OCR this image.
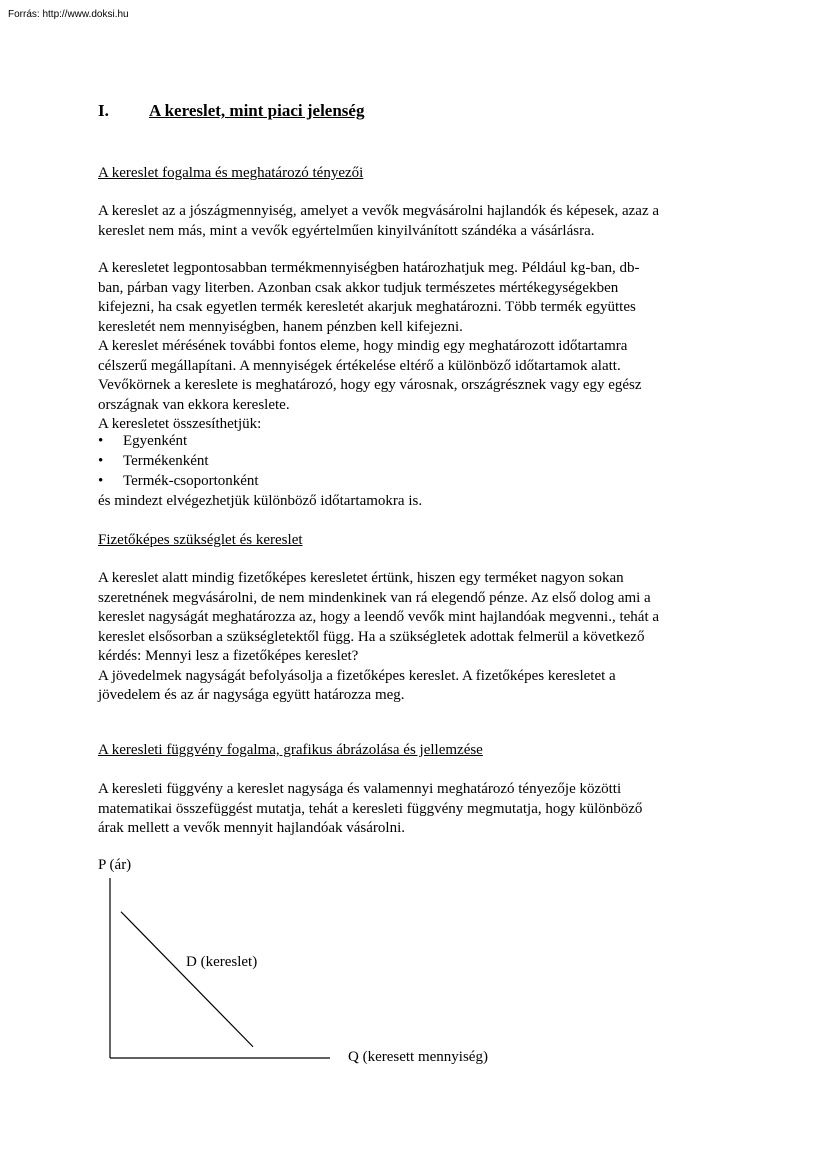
Forrás: http://www.doksi.hu
I. A kereslet, mint piaci jelenség
A kereslet fogalma és meghatározó tényezői
A kereslet az a jószágmennyiség, amelyet a vevők megvásárolni hajlandók és képesek, azaz a
kereslet nem más, mint a vevők egyértelműen kinyilvánított szándéka a vásárlásra.
A keresletet legpontosabban termékmennyiségben határozhatjuk meg. Például kg-ban, db-
ban, párban vagy literben. Azonban csak akkor tudjuk természetes mértékegységekben
kifejezni, ha csak egyetlen termék keresletét akarjuk meghatározni. Több termék együttes
keresletét nem mennyiségben, hanem pénzben kell kifejezni.
A kereslet mérésének további fontos eleme, hogy mindig egy meghatározott időtartamra
célszerű megállapítani. A mennyiségek értékelése eltérő a különböző időtartamok alatt.
Vevőkörnek a kereslete is meghatározó, hogy egy városnak, országrésznek vagy egy egész
országnak van ekkora kereslete.
A keresletet összesíthetjük:
• Egyenként
• Termékenként
• Termék-csoportonként
és mindezt elvégezhetjük különböző időtartamokra is.
Fizetőképes szükséglet és kereslet
A kereslet alatt mindig fizetőképes keresletet értünk, hiszen egy terméket nagyon sokan
szeretnének megvásárolni, de nem mindenkinek van rá elegendő pénze. Az első dolog ami a
kereslet nagyságát meghatározza az, hogy a leendő vevők mint hajlandóak megvenni., tehát a
kereslet elsősorban a szükségletektől függ. Ha a szükségletek adottak felmerül a következő
kérdés: Mennyi lesz a fizetőképes kereslet?
A jövedelmek nagyságát befolyásolja a fizetőképes kereslet. A fizetőképes keresletet a
jövedelem és az ár nagysága együtt határozza meg.
A keresleti függvény fogalma, grafikus ábrázolása és jellemzése
A keresleti függvény a kereslet nagysága és valamennyi meghatározó tényezője közötti
matematikai összefüggést mutatja, tehát a keresleti függvény megmutatja, hogy különböző
árak mellett a vevők mennyit hajlandóak vásárolni.
P (ár)
Q (keresett mennyiség)
D (kereslet)
